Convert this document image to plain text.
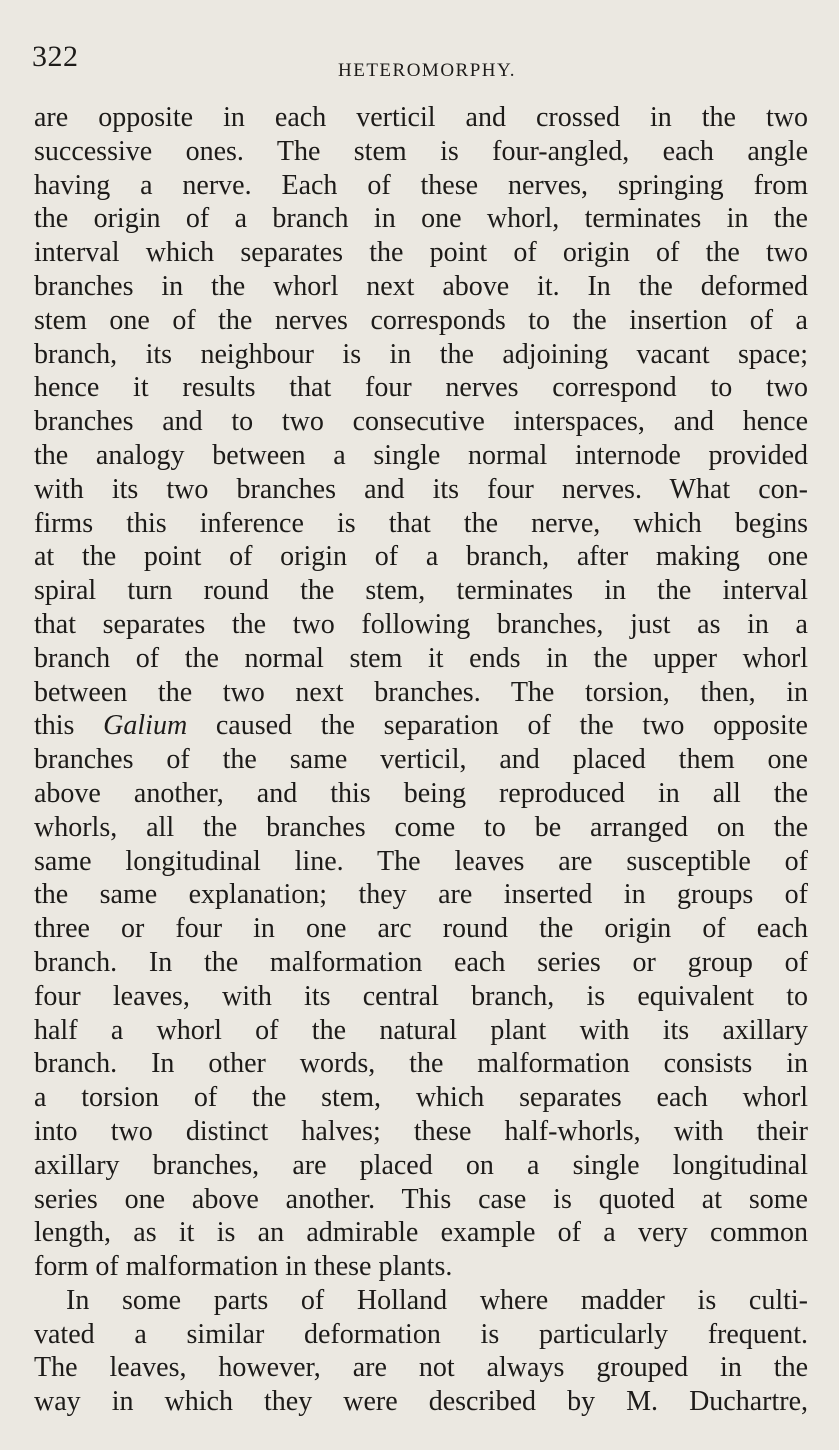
322	HETEROMORPHY.
are opposite in each verticil and crossed in the two
successive ones. The stem is four-angled, each angle
having a nerve. Each of these nerves, springing from
the origin of a branch in one whorl, terminates in the
interval which separates the point of origin of the two
branches in the whorl next above it. In the deformed
stem one of the nerves corresponds to the insertion of a
branch, its neighbour is in the adjoining vacant space;
hence it results that four nerves correspond to two
branches and to two consecutive interspaces, and hence
the analogy between a single normal internode provided
with its two branches and its four nerves. What con-
firms this inference is that the nerve, which begins
at the point of origin of a branch, after making one
spiral turn round the stem, terminates in the interval
that separates the two following branches, just as in a
branch of the normal stem it ends in the upper whorl
between the two next branches. The torsion, then, in
this Galium caused the separation of the two opposite
branches of the same verticil, and placed them one
above another, and this being reproduced in all the
whorls, all the branches come to be arranged on the
same longitudinal line. The leaves are susceptible of
the same explanation; they are inserted in groups of
three or four in one arc round the origin of each
branch. In the malformation each series or group of
four leaves, with its central branch, is equivalent to
half a whorl of the natural plant with its axillary
branch. In other words, the malformation consists in
a torsion of the stem, which separates each whorl
into two distinct halves; these half-whorls, with their
axillary branches, are placed on a single longitudinal
series one above another. This case is quoted at some
length, as it is an admirable example of a very common
form of malformation in these plants.
In some parts of Holland where madder is culti-
vated a similar deformation is particularly frequent.
The leaves, however, are not always grouped in the
way in which they were described by M. Duchartre,
